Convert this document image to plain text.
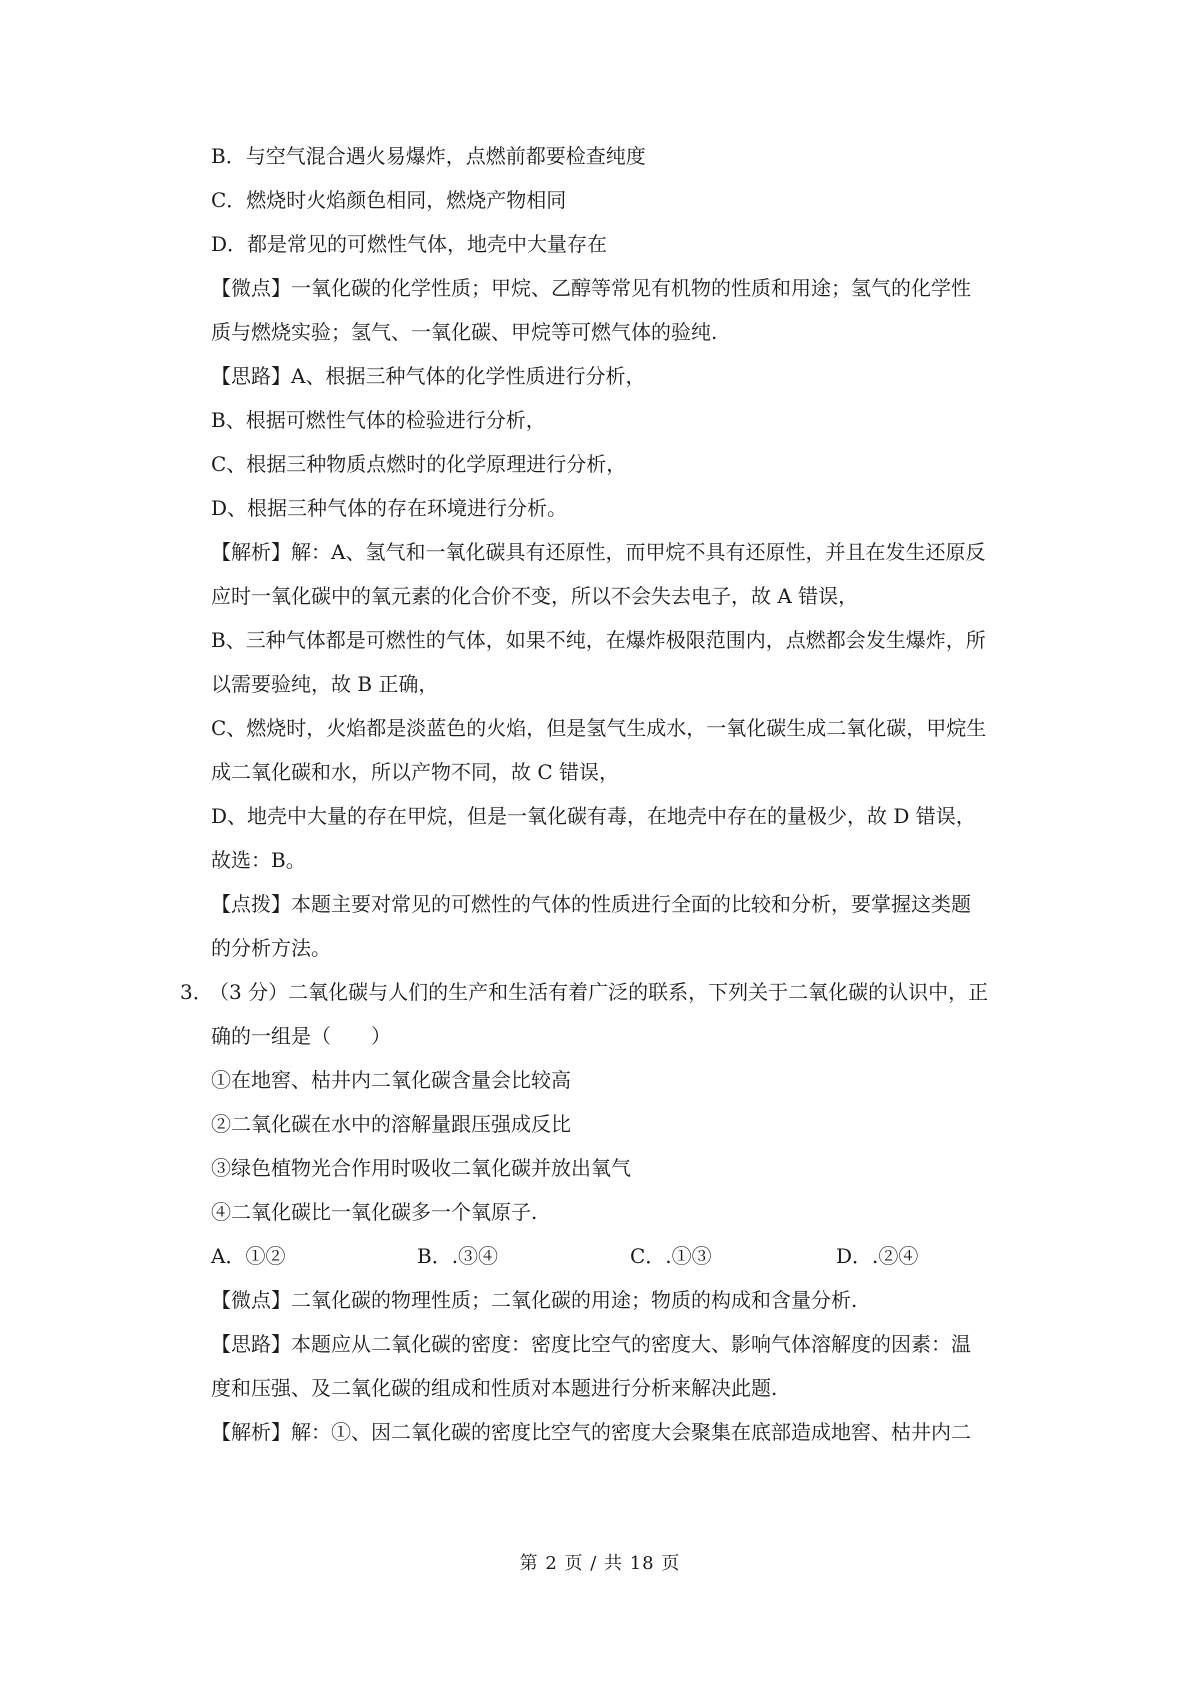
B．与空气混合遇火易爆炸，点燃前都要检查纯度
C．燃烧时火焰颜色相同，燃烧产物相同
D．都是常见的可燃性气体，地壳中大量存在
【微点】一氧化碳的化学性质；甲烷、乙醇等常见有机物的性质和用途；氢气的化学性
质与燃烧实验；氢气、一氧化碳、甲烷等可燃气体的验纯.
【思路】A、根据三种气体的化学性质进行分析，
B、根据可燃性气体的检验进行分析，
C、根据三种物质点燃时的化学原理进行分析，
D、根据三种气体的存在环境进行分析。
【解析】解：A、氢气和一氧化碳具有还原性，而甲烷不具有还原性，并且在发生还原反
应时一氧化碳中的氧元素的化合价不变，所以不会失去电子，故 A 错误，
B、三种气体都是可燃性的气体，如果不纯，在爆炸极限范围内，点燃都会发生爆炸，所
以需要验纯，故 B 正确，
C、燃烧时，火焰都是淡蓝色的火焰，但是氢气生成水，一氧化碳生成二氧化碳，甲烷生
成二氧化碳和水，所以产物不同，故 C 错误，
D、地壳中大量的存在甲烷，但是一氧化碳有毒，在地壳中存在的量极少，故 D 错误，
故选：B。
【点拨】本题主要对常见的可燃性的气体的性质进行全面的比较和分析，要掌握这类题
的分析方法。
3．
（3 分）二氧化碳与人们的生产和生活有着广泛的联系，下列关于二氧化碳的认识中，正
确的一组是（　　）
①在地窖、枯井内二氧化碳含量会比较高
②二氧化碳在水中的溶解量跟压强成反比
③绿色植物光合作用时吸收二氧化碳并放出氧气
④二氧化碳比一氧化碳多一个氧原子.
A．①②	B．.③④	C．.①③	D．.②④
【微点】二氧化碳的物理性质；二氧化碳的用途；物质的构成和含量分析.
【思路】本题应从二氧化碳的密度：密度比空气的密度大、影响气体溶解度的因素：温
度和压强、及二氧化碳的组成和性质对本题进行分析来解决此题.
【解析】解：①、因二氧化碳的密度比空气的密度大会聚集在底部造成地窖、枯井内二
第 2 页 / 共 18 页
